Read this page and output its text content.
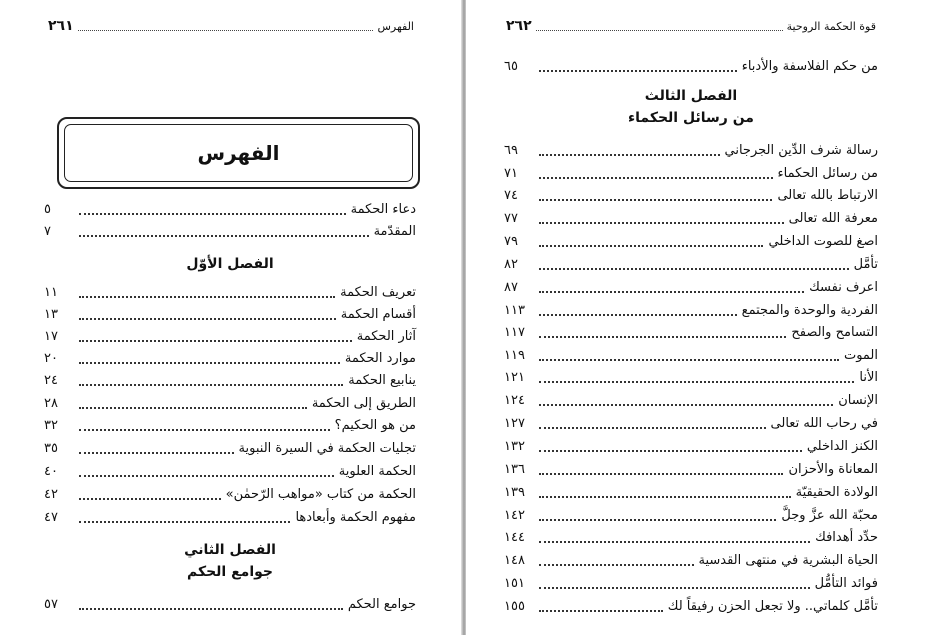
الفهرس
٢٦١
الفهرس
دعاء الحكمة
٥
المقدّمة
٧
الفصل الأوّل
تعريف الحكمة
١١
أقسام الحكمة
١٣
آثار الحكمة
١٧
موارد الحكمة
٢٠
ينابيع الحكمة
٢٤
الطريق إلى الحكمة
٢٨
من هو الحكيم؟
٣٢
تجليات الحكمة في السيرة النبوية
٣٥
الحكمة العلوية
٤٠
الحكمة من كتاب «مواهب الرّحمٰن»
٤٢
مفهوم الحكمة وأبعادها
٤٧
الفصل الثاني
جوامع الحكم
جوامع الحكم
٥٧
قوة الحكمة الروحية
٢٦٢
من حكم الفلاسفة والأدباء
٦٥
الفصل الثالث
من رسائل الحكماء
رسالة شرف الدِّين الجرجاني
٦٩
من رسائل الحكماء
٧١
الارتباط بالله تعالى
٧٤
معرفة الله تعالى
٧٧
اصغ للصوت الداخلي
٧٩
تأمَّل
٨٢
اعرف نفسك
٨٧
الفردية والوحدة والمجتمع
١١٣
التسامح والصفح
١١٧
الموت
١١٩
الأنا
١٢١
الإنسان
١٢٤
في رحاب الله تعالى
١٢٧
الكنز الداخلي
١٣٢
المعاناة والأحزان
١٣٦
الولادة الحقيقيّة
١٣٩
محبّة الله عزَّ وجلَّ
١٤٢
حدِّد أهدافك
١٤٤
الحياة البشرية في منتهى القدسية
١٤٨
فوائد التأمُّل
١٥١
تأمَّل كلماتي.. ولا تجعل الحزن رفيقاً لك
١٥٥
